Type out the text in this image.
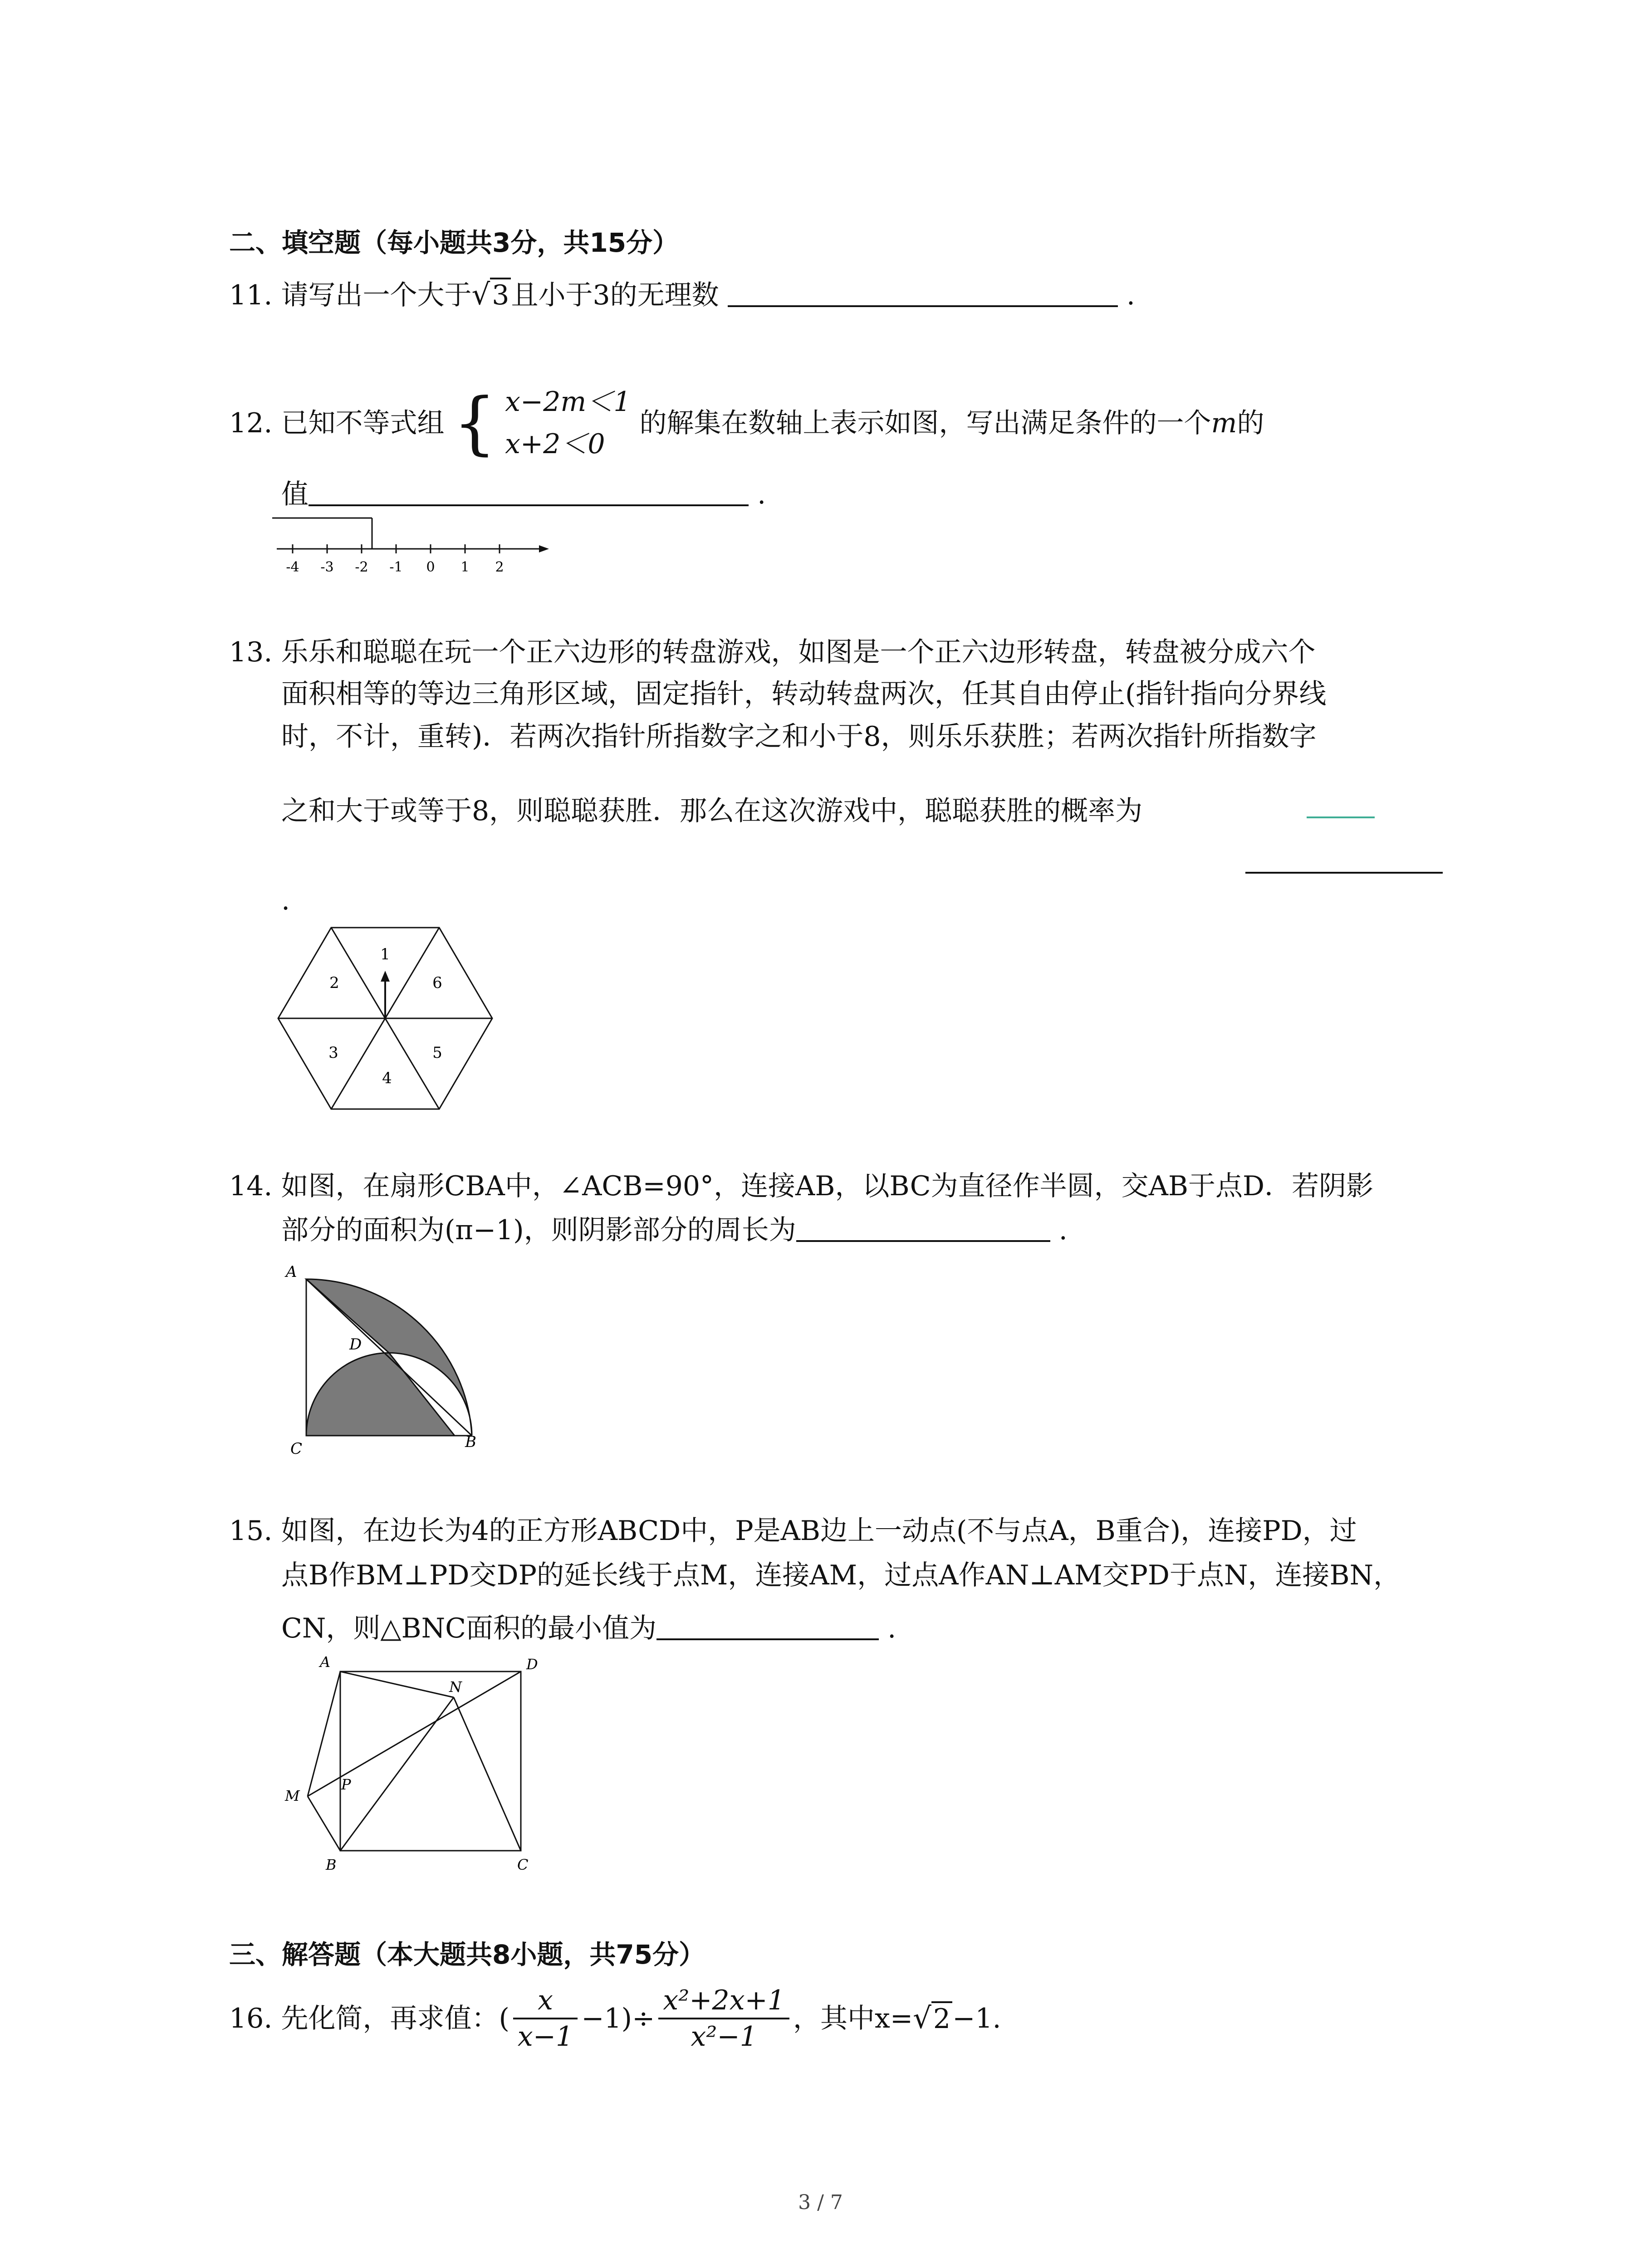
二、填空题（每小题共3分，共15分）
11. 请写出一个大于√3且小于3的无理数	.
12. 已知不等式组 { x−2m＜1
x+2＜0
的解集在数轴上表示如图，写出满足条件的一个m的
值	.
-4 -3 -2 -1 0 1 2
13. 乐乐和聪聪在玩一个正六边形的转盘游戏，如图是一个正六边形转盘，转盘被分成六个
面积相等的等边三角形区域，固定指针，转动转盘两次，任其自由停止(指针指向分界线
时，不计，重转)．若两次指针所指数字之和小于8，则乐乐获胜；若两次指针所指数字
之和大于或等于8，则聪聪获胜．那么在这次游戏中，聪聪获胜的概率为
.
1
6
5
4
3
2
14. 如图，在扇形CBA中，∠ACB=90°，连接AB，以BC为直径作半圆，交AB于点D．若阴影
部分的面积为(π−1)，则阴影部分的周长为	.
A
D
C	B
15. 如图，在边长为4的正方形ABCD中，P是AB边上一动点(不与点A，B重合)，连接PD，过
点B作BM⊥PD交DP的延长线于点M，连接AM，过点A作AN⊥AM交PD于点N，连接BN，
CN，则△BNC面积的最小值为	.
A	D
N
M
P
B	C
三、解答题（本大题共8小题，共75分）
16.
先化简，再求值：( $\frac{x}{x-1} -1)\div \frac{\text{x²+2x+1}}{\text{x²−1}}$ ，其中x= √2 −1.
3 / 7
